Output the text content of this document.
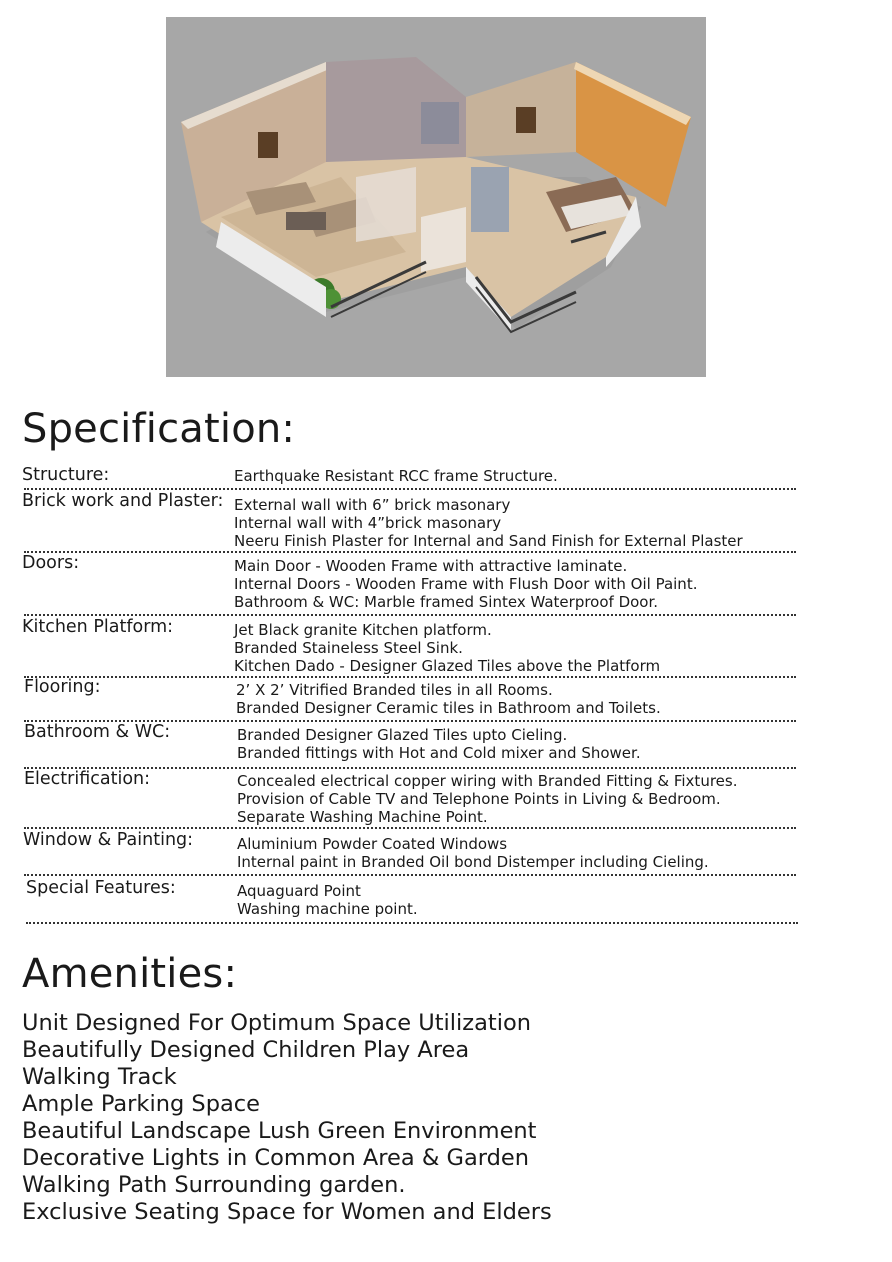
Specification:
Structure:	Earthquake Resistant RCC frame Structure.
Brick work and Plaster: External wall with 6” brick masonary
Internal wall with 4”brick masonary
Neeru Finish Plaster for Internal and Sand Finish for External Plaster
Doors:	Main Door - Wooden Frame with attractive laminate.
Internal Doors - Wooden Frame with Flush Door with Oil Paint.
Bathroom & WC: Marble framed Sintex Waterproof Door.
Kitchen Platform:	Jet Black granite Kitchen platform.
Branded Staineless Steel Sink.
Kitchen Dado - Designer Glazed Tiles above the Platform
Flooring:	2’ X 2’ Vitrified Branded tiles in all Rooms.
Branded Designer Ceramic tiles in Bathroom and Toilets.
Bathroom & WC:	Branded Designer Glazed Tiles upto Cieling.
Branded fittings with Hot and Cold mixer and Shower.
Electrification:	Concealed electrical copper wiring with Branded Fitting & Fixtures.
Provision of Cable TV and Telephone Points in Living & Bedroom.
Separate Washing Machine Point.
Window & Painting:	Aluminium Powder Coated Windows
Internal paint in Branded Oil bond Distemper including Cieling.
Special Features:	Aquaguard Point
Washing machine point.
Amenities:
Unit Designed For Optimum Space Utilization
Beautifully Designed Children Play Area
Walking Track
Ample Parking Space
Beautiful Landscape Lush Green Environment
Decorative Lights in Common Area & Garden
Walking Path Surrounding garden.
Exclusive Seating Space for Women and Elders
